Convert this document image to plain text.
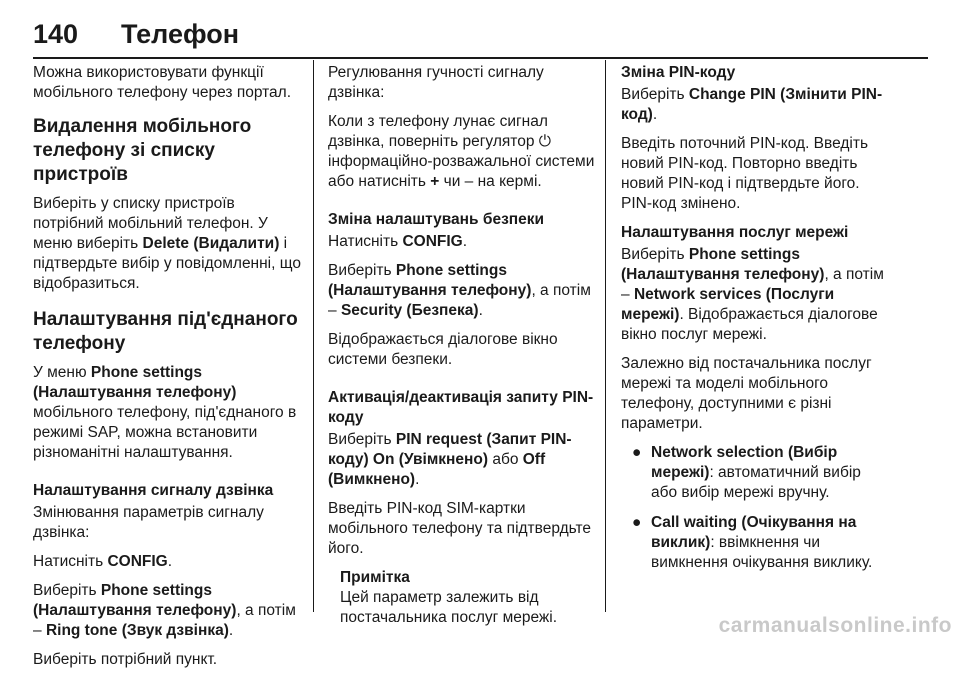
140 Телефон

Можна використовувати функції мобільного телефону через портал.

Видалення мобільного телефону зі списку пристроїв

Виберіть у списку пристроїв потрібний мобільний телефон. У меню виберіть Delete (Видалити) і підтвердьте вибір у повідомленні, що відобразиться.

Налаштування під'єднаного телефону

У меню Phone settings (Налаштування телефону) мобільного телефону, під'єднаного в режимі SAP, можна встановити різноманітні налаштування.

Налаштування сигналу дзвінка

Змінювання параметрів сигналу дзвінка:

Натисніть CONFIG.

Виберіть Phone settings (Налаштування телефону), а потім – Ring tone (Звук дзвінка).

Виберіть потрібний пункт.

Регулювання гучності сигналу дзвінка:

Коли з телефону лунає сигнал дзвінка, поверніть регулятор ⏻ інформаційно-розважальної системи або натисніть + чи – на кермі.

Зміна налаштувань безпеки

Натисніть CONFIG.

Виберіть Phone settings (Налаштування телефону), а потім – Security (Безпека).

Відображається діалогове вікно системи безпеки.

Активація/деактивація запиту PIN-коду

Виберіть PIN request (Запит PIN-коду) On (Увімкнено) або Off (Вимкнено).

Введіть PIN-код SIM-картки мобільного телефону та підтвердьте його.

Примітка
Цей параметр залежить від постачальника послуг мережі.
Зміна PIN-коду

Виберіть Change PIN (Змінити PIN-код).

Введіть поточний PIN-код. Введіть новий PIN-код. Повторно введіть новий PIN-код і підтвердьте його. PIN-код змінено.

Налаштування послуг мережі

Виберіть Phone settings (Налаштування телефону), а потім – Network services (Послуги мережі). Відображається діалогове вікно послуг мережі.

Залежно від постачальника послуг мережі та моделі мобільного телефону, доступними є різні параметри.

● Network selection (Вибір мережі): автоматичний вибір або вибір мережі вручну.
● Call waiting (Очікування на виклик): ввімкнення чи вимкнення очікування виклику.
carmanualsonline.info
